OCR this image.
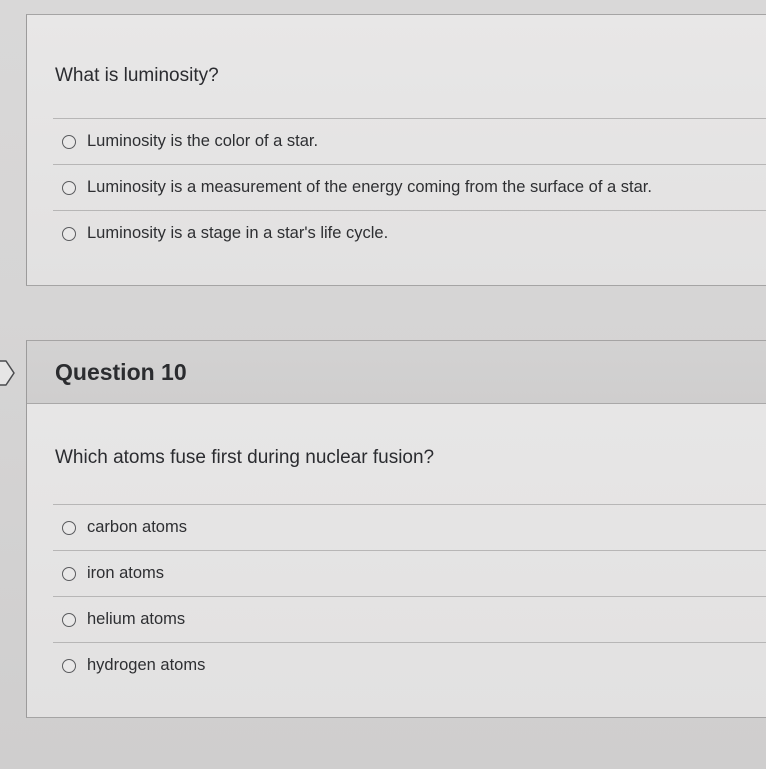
What is luminosity?
Luminosity is the color of a star.
Luminosity is a measurement of the energy coming from the surface of a star.
Luminosity is a stage in a star's life cycle.
Question 10
Which atoms fuse first during nuclear fusion?
carbon atoms
iron atoms
helium atoms
hydrogen atoms
